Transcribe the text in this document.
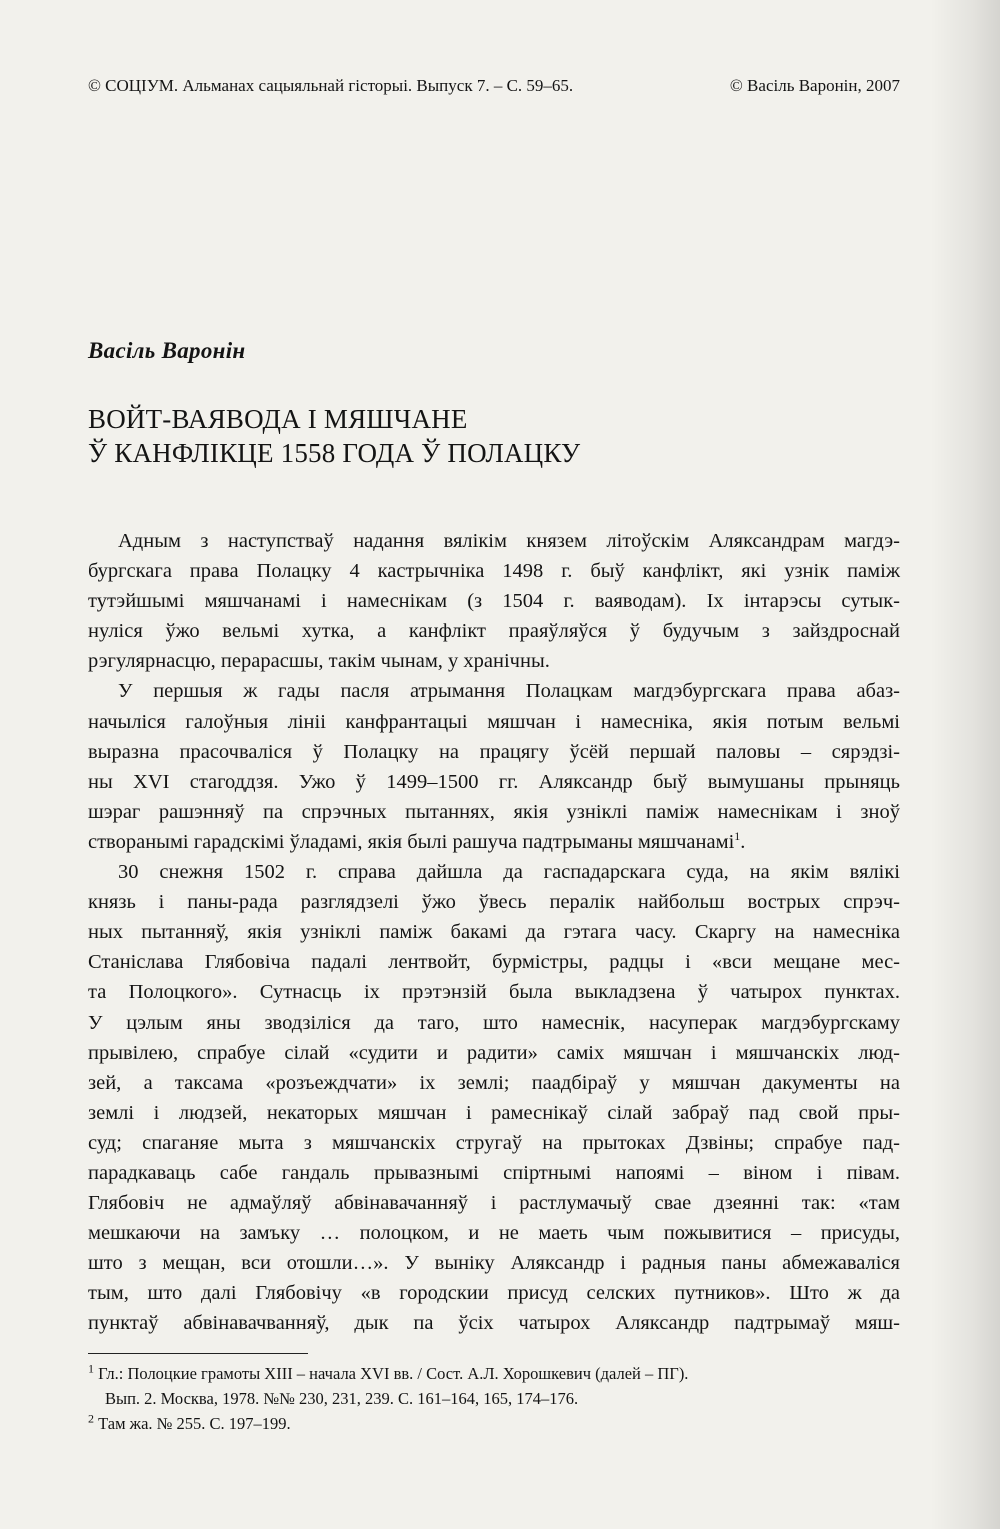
© СОЦІУМ. Альманах сацыяльнай гісторыі. Выпуск 7. – С. 59–65.	© Васіль Варонін, 2007
Васіль Варонін
ВОЙТ-ВАЯВОДА І МЯШЧАНЕ
Ў КАНФЛІКЦЕ 1558 ГОДА Ў ПОЛАЦКУ

Адным з наступстваў надання вялікім князем літоўскім Аляксандрам магдэ-
бургскага права Полацку 4 кастрычніка 1498 г. быў канфлікт, які узнік паміж
тутэйшымі мяшчанамі і намеснікам (з 1504 г. ваяводам). Іх інтарэсы сутык-
нуліся ўжо вельмі хутка, а канфлікт праяўляўся ў будучым з зайздроснай
рэгулярнасцю, перарасшы, такім чынам, у хранічны.

У першыя ж гады пасля атрымання Полацкам магдэбургскага права абаз-
начыліся галоўныя лініі канфрантацыі мяшчан і намесніка, якія потым вельмі
выразна прасочваліся ў Полацку на працягу ўсёй першай паловы – сярэдзі-
ны XVI стагоддзя. Ужо ў 1499–1500 гг. Аляксандр быў вымушаны прыняць
шэраг рашэнняў па спрэчных пытаннях, якія узніклі паміж намеснікам і зноў
створанымі гарадскімі ўладамі, якія былі рашуча падтрыманы мяшчанамі$^1$.

30 снежня 1502 г. справа дайшла да гаспадарскага суда, на якім вялікі
князь і паны-рада разглядзелі ўжо ўвесь пералік найбольш вострых спрэч-
ных пытанняў, якія узніклі паміж бакамі да гэтага часу. Скаргу на намесніка
Станіслава Глябовіча падалі лентвойт, бурмістры, радцы і «вси мещане мес-
та Полоцкого». Сутнасць іх прэтэнзій была выкладзена ў чатырох пунктах.
У цэлым яны зводзіліся да таго, што намеснік, насуперак магдэбургскаму
прывілею, спрабуе сілай «судити и радити» саміх мяшчан і мяшчанскіх люд-
зей, а таксама «розъеждчати» іх землі; паадбіраў у мяшчан дакументы на
землі і людзей, некаторых мяшчан і рамеснікаў сілай забраў пад свой пры-
суд; спаганяе мыта з мяшчанскіх стругаў на прытоках Дзвіны; спрабуе пад-
парадкаваць сабе гандаль прывазнымі спіртнымі напоямі – віном і півам.
Глябовіч не адмаўляў абвінавачанняў і растлумачыў свае дзеянні так: «там
мешкаючи на замъку … полоцком, и не маеть чым пожывитися – присуды,
што з мещан, вси отошли…». У выніку Аляксандр і радныя паны абмежаваліся
тым, што далі Глябовічу «в городскии присуд селских путников». Што ж да
пунктаў абвінавачванняў, дык па ўсіх чатырох Аляксандр падтрымаў мяш-

$^1$ Гл.: Полоцкие грамоты XIII – начала XVI вв. / Сост. А.Л. Хорошкевич (далей – ПГ).
Вып. 2. Москва, 1978. №№ 230, 231, 239. С. 161–164, 165, 174–176.
$^2$ Там жа. № 255. С. 197–199.
